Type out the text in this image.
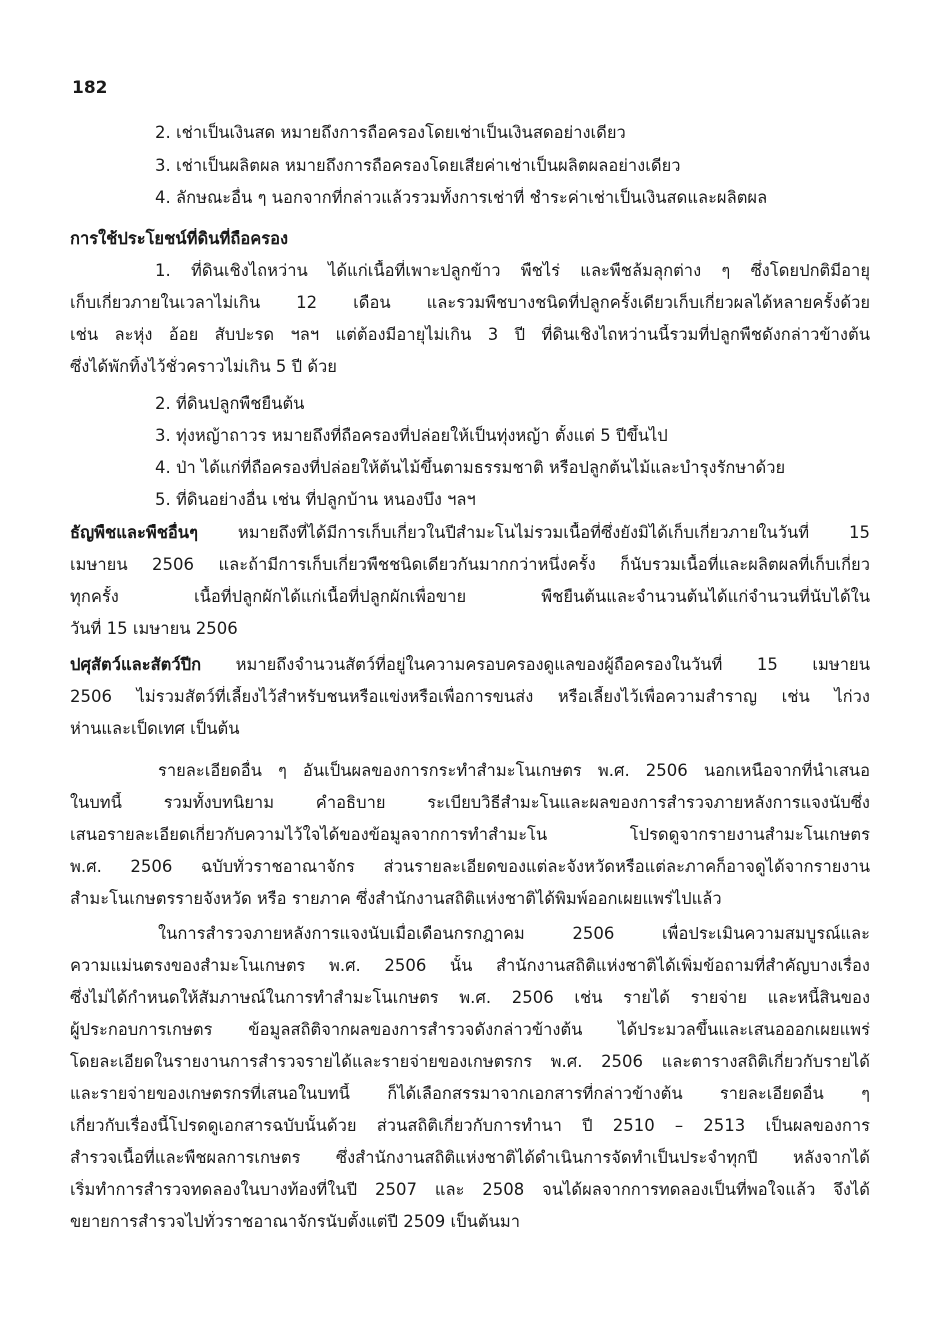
182

2. เช่าเป็นเงินสด หมายถึงการถือครองโดยเช่าเป็นเงินสดอย่างเดียว

3. เช่าเป็นผลิตผล หมายถึงการถือครองโดยเสียค่าเช่าเป็นผลิตผลอย่างเดียว

4. ลักษณะอื่น ๆ นอกจากที่กล่าวแล้วรวมทั้งการเช่าที่ ชำระค่าเช่าเป็นเงินสดและผลิตผล

การใช้ประโยชน์ที่ดินที่ถือครอง

1. ที่ดินเชิงไถหว่าน ได้แก่เนื้อที่เพาะปลูกข้าว พืชไร่ และพืชล้มลุกต่าง ๆ ซึ่งโดยปกติมีอายุ

เก็บเกี่ยวภายในเวลาไม่เกิน 12 เดือน และรวมพืชบางชนิดที่ปลูกครั้งเดียวเก็บเกี่ยวผลได้หลายครั้งด้วย

เช่น ละหุ่ง อ้อย สับปะรด ฯลฯ แต่ต้องมีอายุไม่เกิน 3 ปี ที่ดินเชิงไถหว่านนี้รวมที่ปลูกพืชดังกล่าวข้างต้น

ซึ่งได้พักทิ้งไว้ชั่วคราวไม่เกิน 5 ปี ด้วย

2. ที่ดินปลูกพืชยืนต้น

3. ทุ่งหญ้าถาวร หมายถึงที่ถือครองที่ปล่อยให้เป็นทุ่งหญ้า ตั้งแต่ 5 ปีขึ้นไป

4. ป่า ได้แก่ที่ถือครองที่ปล่อยให้ต้นไม้ขึ้นตามธรรมชาติ หรือปลูกต้นไม้และบำรุงรักษาด้วย

5. ที่ดินอย่างอื่น เช่น ที่ปลูกบ้าน หนองบึง ฯลฯ

ธัญพืชและพืชอื่นๆ หมายถึงที่ได้มีการเก็บเกี่ยวในปีสำมะโนไม่รวมเนื้อที่ซึ่งยังมิได้เก็บเกี่ยวภายในวันที่ 15

เมษายน 2506 และถ้ามีการเก็บเกี่ยวพืชชนิดเดียวกันมากกว่าหนึ่งครั้ง ก็นับรวมเนื้อที่และผลิตผลที่เก็บเกี่ยว

ทุกครั้ง เนื้อที่ปลูกผักได้แก่เนื้อที่ปลูกผักเพื่อขาย พืชยืนต้นและจำนวนต้นได้แก่จำนวนที่นับได้ใน

วันที่ 15 เมษายน 2506

ปศุสัตว์และสัตว์ปีก หมายถึงจำนวนสัตว์ที่อยู่ในความครอบครองดูแลของผู้ถือครองในวันที่ 15 เมษายน

2506 ไม่รวมสัตว์ที่เลี้ยงไว้สำหรับชนหรือแข่งหรือเพื่อการขนส่ง หรือเลี้ยงไว้เพื่อความสำราญ เช่น ไก่วง

ห่านและเป็ดเทศ เป็นต้น

รายละเอียดอื่น ๆ อันเป็นผลของการกระทำสำมะโนเกษตร พ.ศ. 2506 นอกเหนือจากที่นำเสนอ

ในบทนี้ รวมทั้งบทนิยาม คำอธิบาย ระเบียบวิธีสำมะโนและผลของการสำรวจภายหลังการแจงนับซึ่ง

เสนอรายละเอียดเกี่ยวกับความไว้ใจได้ของข้อมูลจากการทำสำมะโน โปรดดูจากรายงานสำมะโนเกษตร

พ.ศ. 2506 ฉบับทั่วราชอาณาจักร ส่วนรายละเอียดของแต่ละจังหวัดหรือแต่ละภาคก็อาจดูได้จากรายงาน

สำมะโนเกษตรรายจังหวัด หรือ รายภาค ซึ่งสำนักงานสถิติแห่งชาติได้พิมพ์ออกเผยแพร่ไปแล้ว

ในการสำรวจภายหลังการแจงนับเมื่อเดือนกรกฎาคม 2506 เพื่อประเมินความสมบูรณ์และ

ความแม่นตรงของสำมะโนเกษตร พ.ศ. 2506 นั้น สำนักงานสถิติแห่งชาติได้เพิ่มข้อถามที่สำคัญบางเรื่อง

ซึ่งไม่ได้กำหนดให้สัมภาษณ์ในการทำสำมะโนเกษตร พ.ศ. 2506 เช่น รายได้ รายจ่าย และหนี้สินของ

ผู้ประกอบการเกษตร ข้อมูลสถิติจากผลของการสำรวจดังกล่าวข้างต้น ได้ประมวลขึ้นและเสนอออกเผยแพร่

โดยละเอียดในรายงานการสำรวจรายได้และรายจ่ายของเกษตรกร พ.ศ. 2506 และตารางสถิติเกี่ยวกับรายได้

และรายจ่ายของเกษตรกรที่เสนอในบทนี้ ก็ได้เลือกสรรมาจากเอกสารที่กล่าวข้างต้น รายละเอียดอื่น ๆ

เกี่ยวกับเรื่องนี้โปรดดูเอกสารฉบับนั้นด้วย ส่วนสถิติเกี่ยวกับการทำนา ปี 2510 – 2513 เป็นผลของการ

สำรวจเนื้อที่และพืชผลการเกษตร ซึ่งสำนักงานสถิติแห่งชาติได้ดำเนินการจัดทำเป็นประจำทุกปี หลังจากได้

เริ่มทำการสำรวจทดลองในบางท้องที่ในปี 2507 และ 2508 จนได้ผลจากการทดลองเป็นที่พอใจแล้ว จึงได้

ขยายการสำรวจไปทั่วราชอาณาจักรนับตั้งแต่ปี 2509 เป็นต้นมา
